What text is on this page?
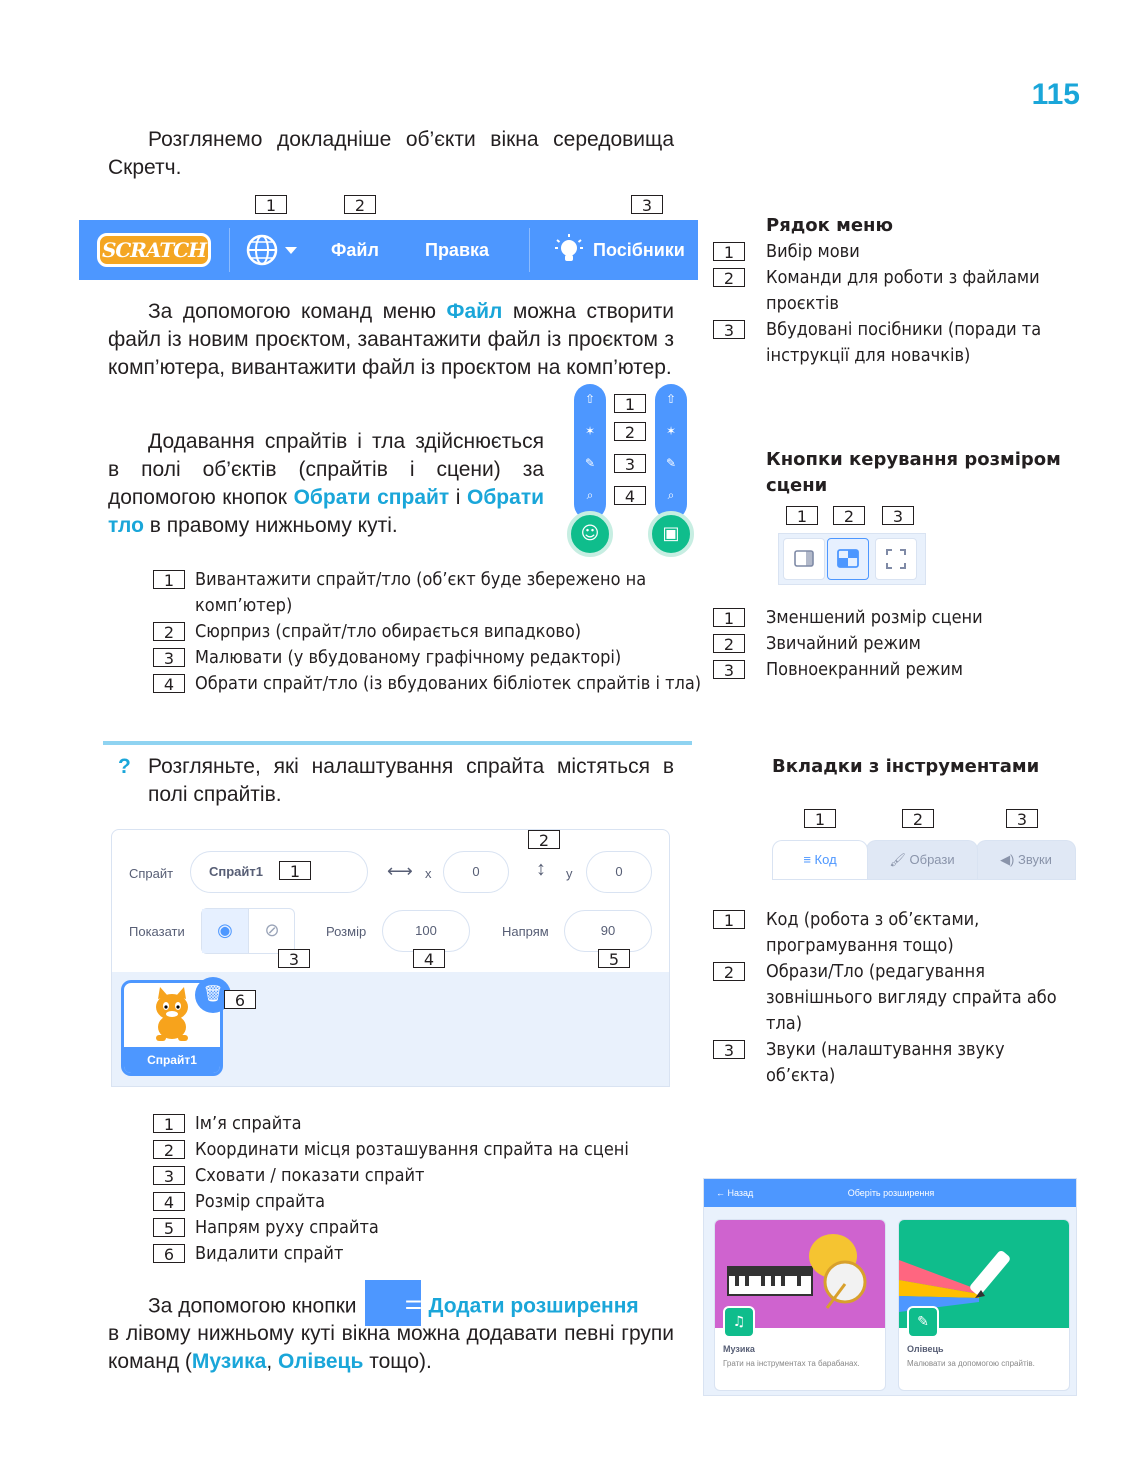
115
Розглянемо докладніше об’єкти вікна середовища Скретч.
1	2	3
SCRATCH	Файл	Правка	Посібники
Рядок меню
1	Вибір мови
2	Команди для роботи з файлами проєктів
3	Вбудовані посібники (поради та інструкції для новачків)
За допомогою команд меню Файл можна створити файл із новим проєктом, завантажити файл із проєктом з комп’ютера, вивантажити файл із проєктом на комп’ютер.
Додавання спрайтів і тла здійснюється в полі об’єктів (спрайтів і сцени) за допомогою кнопок Обрати спрайт і Обрати тло в правому нижньому куті.
⇧
✶
✎
⌕
☺
⇧
✶
✎
⌕
▣
1
2
3
4
1	Вивантажити спрайт/тло (об’єкт буде збережено на комп’ютер)
2	Сюрприз (спрайт/тло обирається випадково)
3	Малювати (у вбудованому графічному редакторі)
4	Обрати спрайт/тло (із вбудованих бібліотек спрайтів і тла)
Кнопки керування розміром сцени
1	2	3
1	Зменшений розмір сцени
2	Звичайний режим
3	Повноекранний режим
? Розгляньте, які налаштування спрайта містяться в полі спрайтів.
Спрайт	Спрайт1	⟷ x	0	↕ y	0
Показати	◉	⊘	Розмір	100	Напрям	90
Спрайт1
🗑
1
2
3	4	5
6
1	Ім’я спрайта
2	Координати місця розташування спрайта на сцені
3	Сховати / показати спрайт
4	Розмір спрайта
5	Напрям руху спрайта
6	Видалити спрайт
Вкладки з інструментами
1	2	3
◀) Звуки
🖌 Образи
≡ Код
1	Код (робота з об’єктами, програмування тощо)
2	Образи/Тло (редагування зовнішнього вигляду спрайта або тла)
3	Звуки (налаштування звуку об’єкта)
За допомогою кнопки ⚌ Додати розширення
в лівому нижньому куті вікна можна додавати певні групи команд (Музика, Олівець тощо).
← Назад	Оберіть розширення
♫
Музика
Грати на інструментах та барабанах.
✎
Олівець
Малювати за допомогою спрайтів.
